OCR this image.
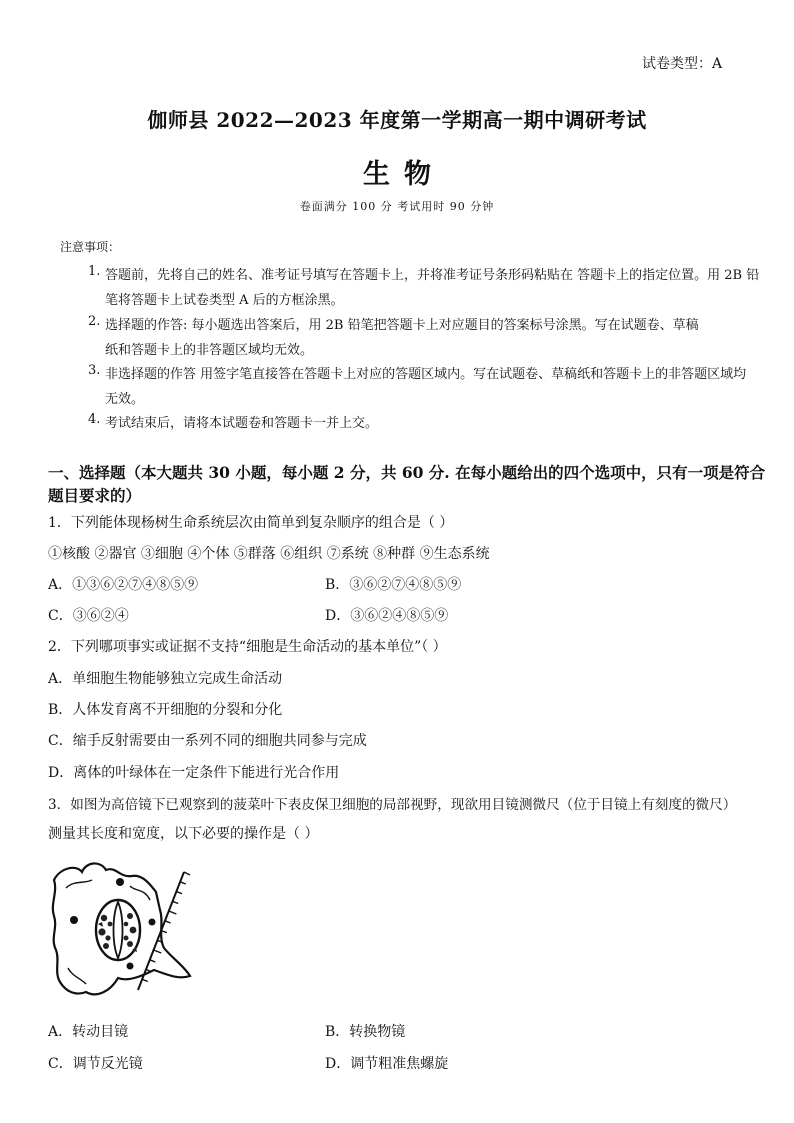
试卷类型：A
伽师县 2022—2023 年度第一学期高一期中调研考试
生物
卷面满分 100 分 考试用时 90 分钟
注意事项：
1. 答题前，先将自己的姓名、准考证号填写在答题卡上，并将准考证号条形码粘贴在 答题卡上的指定位置。用 2B 铅
笔将答题卡上试卷类型 A 后的方框涂黑。
2. 选择题的作答: 每小题选出答案后，用 2B 铅笔把答题卡上对应题目的答案标号涂黑。写在试题卷、草稿
纸和答题卡上的非答题区域均无效。
3. 非选择题的作答 用签字笔直接答在答题卡上对应的答题区域内。写在试题卷、草稿纸和答题卡上的非答题区域均
无效。
4. 考试结束后，请将本试题卷和答题卡一并上交。
一、选择题（本大题共 30 小题，每小题 2 分，共 60 分. 在每小题给出的四个选项中，只有一项是符合题目要求的）
1．下列能体现杨树生命系统层次由简单到复杂顺序的组合是（ ）
①核酸 ②器官 ③细胞 ④个体 ⑤群落 ⑥组织 ⑦系统 ⑧种群 ⑨生态系统
A．①③⑥②⑦④⑧⑤⑨	B．③⑥②⑦④⑧⑤⑨
C．③⑥②④	D．③⑥②④⑧⑤⑨
2．下列哪项事实或证据不支持“细胞是生命活动的基本单位”（ ）
A．单细胞生物能够独立完成生命活动
B．人体发育离不开细胞的分裂和分化
C．缩手反射需要由一系列不同的细胞共同参与完成
D．离体的叶绿体在一定条件下能进行光合作用
3．如图为高倍镜下已观察到的菠菜叶下表皮保卫细胞的局部视野，现欲用目镜测微尺（位于目镜上有刻度的微尺）
测量其长度和宽度，以下必要的操作是（ ）
A．转动目镜	B．转换物镜
C．调节反光镜	D．调节粗准焦螺旋
